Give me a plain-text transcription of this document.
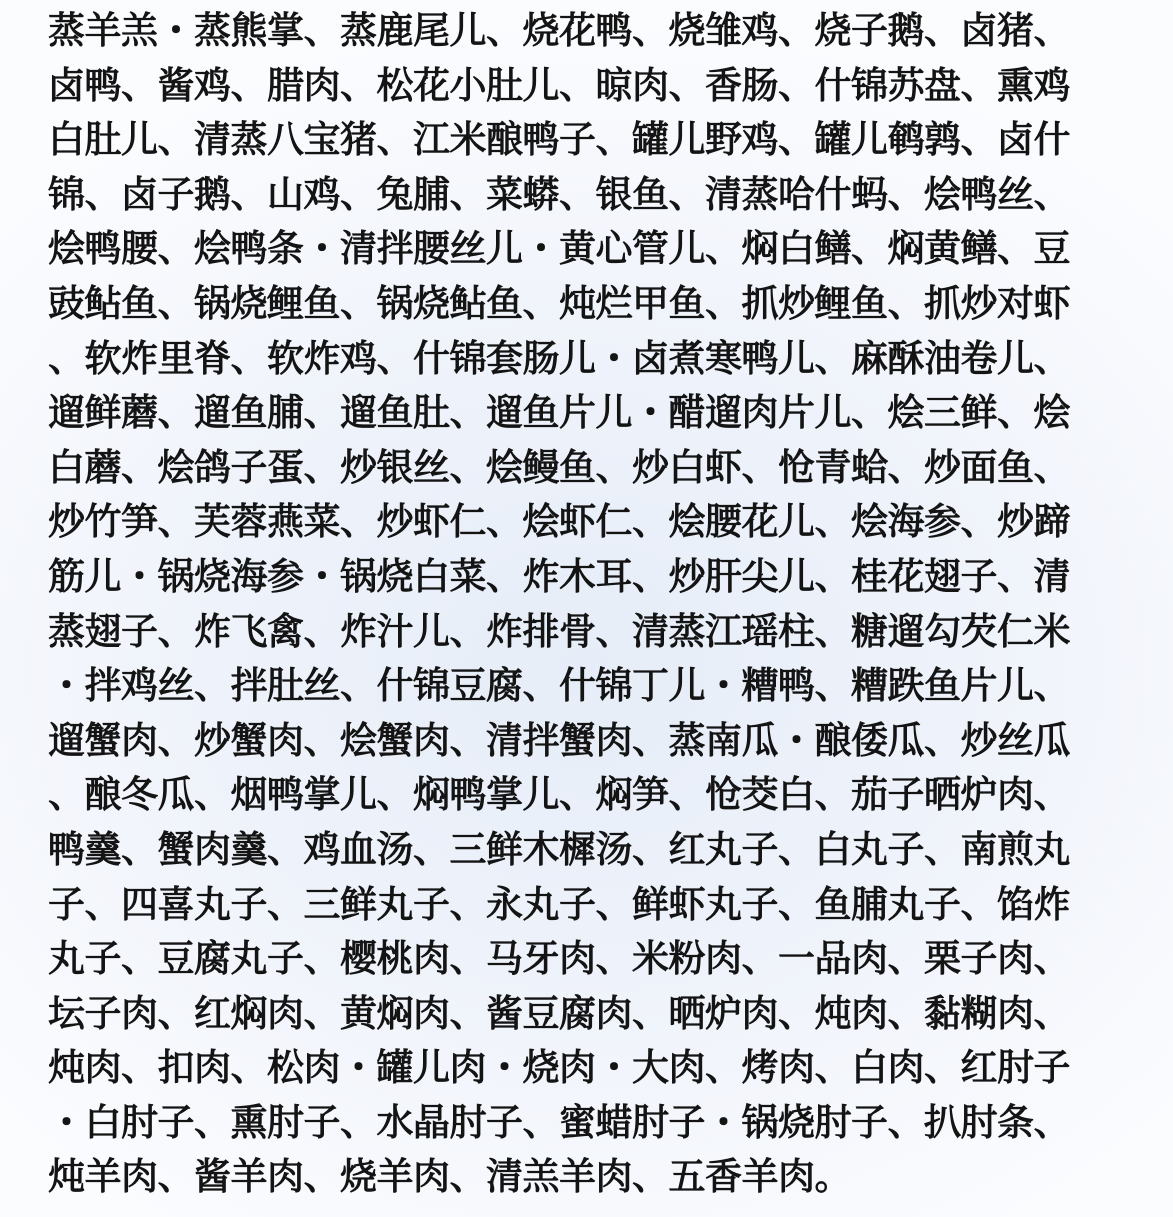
蒸羊羔・蒸熊掌、蒸鹿尾儿、烧花鸭、烧雏鸡、烧子鹅、卤猪、
卤鸭、酱鸡、腊肉、松花小肚儿、晾肉、香肠、什锦苏盘、熏鸡
白肚儿、清蒸八宝猪、江米酿鸭子、罐儿野鸡、罐儿鹌鹑、卤什
锦、卤子鹅、山鸡、兔脯、菜蟒、银鱼、清蒸哈什蚂、烩鸭丝、
烩鸭腰、烩鸭条・清拌腰丝儿・黄心管儿、焖白鳝、焖黄鳝、豆
豉鲇鱼、锅烧鲤鱼、锅烧鲇鱼、炖烂甲鱼、抓炒鲤鱼、抓炒对虾
、软炸里脊、软炸鸡、什锦套肠儿・卤煮寒鸭儿、麻酥油卷儿、
遛鲜蘑、遛鱼脯、遛鱼肚、遛鱼片儿・醋遛肉片儿、烩三鲜、烩
白蘑、烩鸽子蛋、炒银丝、烩鳗鱼、炒白虾、怆青蛤、炒面鱼、
炒竹笋、芙蓉燕菜、炒虾仁、烩虾仁、烩腰花儿、烩海参、炒蹄
筋儿・锅烧海参・锅烧白菜、炸木耳、炒肝尖儿、桂花翅子、清
蒸翅子、炸飞禽、炸汁儿、炸排骨、清蒸江瑶柱、糖遛勾芡仁米
・拌鸡丝、拌肚丝、什锦豆腐、什锦丁儿・糟鸭、糟跌鱼片儿、
遛蟹肉、炒蟹肉、烩蟹肉、清拌蟹肉、蒸南瓜・酿倭瓜、炒丝瓜
、酿冬瓜、烟鸭掌儿、焖鸭掌儿、焖笋、怆茭白、茄子晒炉肉、
鸭羹、蟹肉羹、鸡血汤、三鲜木樨汤、红丸子、白丸子、南煎丸
子、四喜丸子、三鲜丸子、永丸子、鲜虾丸子、鱼脯丸子、馅炸
丸子、豆腐丸子、樱桃肉、马牙肉、米粉肉、一品肉、栗子肉、
坛子肉、红焖肉、黄焖肉、酱豆腐肉、晒炉肉、炖肉、黏糊肉、
炖肉、扣肉、松肉・罐儿肉・烧肉・大肉、烤肉、白肉、红肘子
・白肘子、熏肘子、水晶肘子、蜜蜡肘子・锅烧肘子、扒肘条、
炖羊肉、酱羊肉、烧羊肉、清羔羊肉、五香羊肉。
